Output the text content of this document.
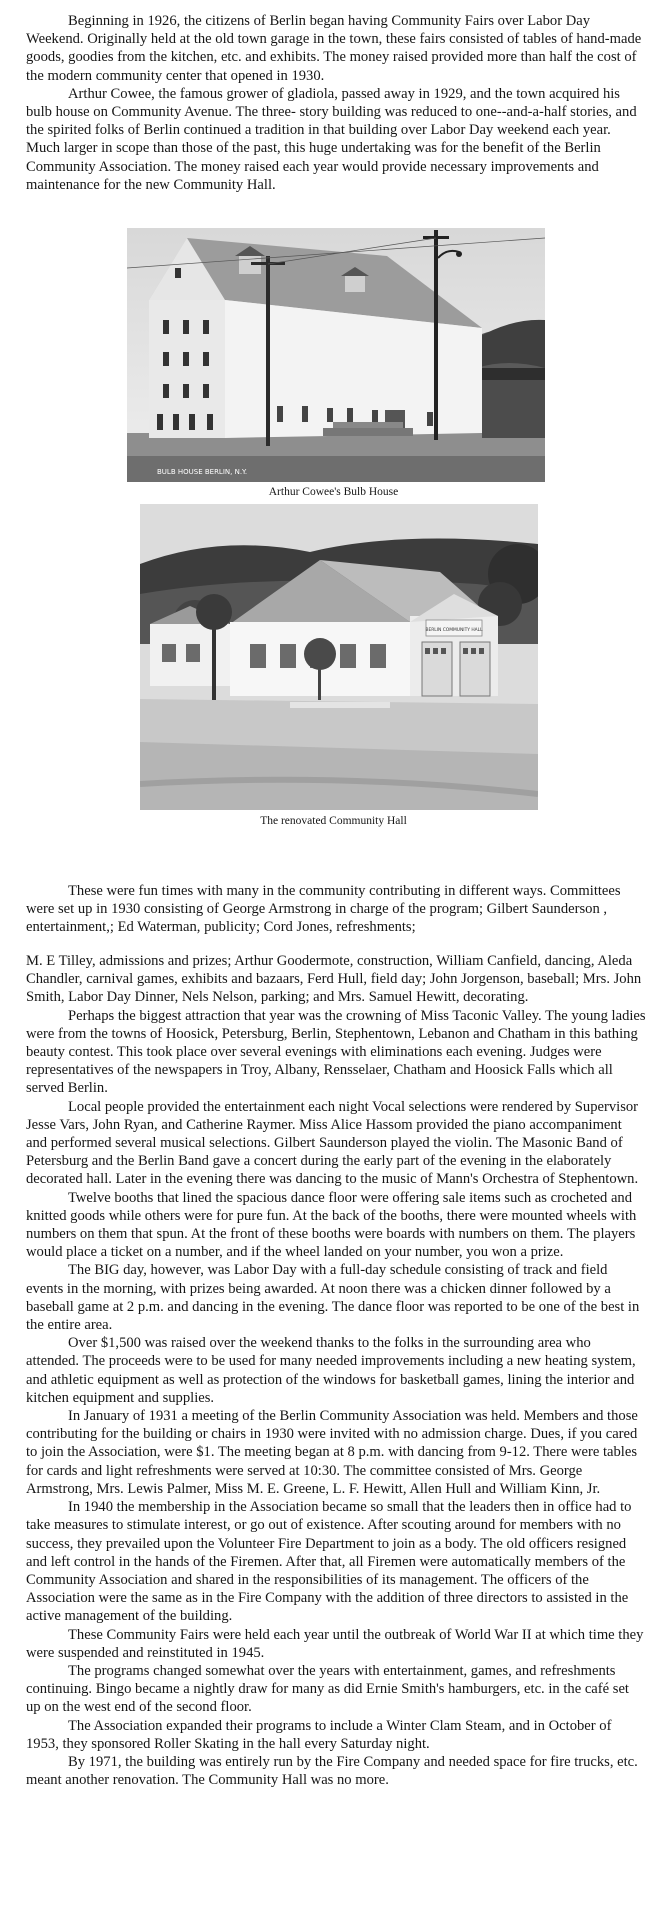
Beginning in 1926, the citizens of Berlin began having Community Fairs over Labor Day Weekend. Originally held at the old town garage in the town, these fairs consisted of tables of hand-made goods, goodies from the kitchen, etc. and exhibits. The money raised provided more than half the cost of the modern community center that opened in 1930.

Arthur Cowee, the famous grower of gladiola, passed away in 1929, and the town acquired his bulb house on Community Avenue. The three- story building was reduced to one--and-a-half stories, and the spirited folks of Berlin continued a tradition in that building over Labor Day weekend each year. Much larger in scope than those of the past, this huge undertaking was for the benefit of the Berlin Community Association. The money raised each year would provide necessary improvements and maintenance for the new Community Hall.

BULB HOUSE BERLIN, N.Y.
Arthur Cowee's Bulb House
BERLIN COMMUNITY HALL
The renovated Community Hall

These were fun times with many in the community contributing in different ways. Committees were set up in 1930 consisting of George Armstrong in charge of the program; Gilbert Saunderson , entertainment,; Ed Waterman, publicity; Cord Jones, refreshments;

M. E Tilley, admissions and prizes; Arthur Goodermote, construction, William Canfield, dancing, Aleda Chandler, carnival games, exhibits and bazaars, Ferd Hull, field day; John Jorgenson, baseball; Mrs. John Smith, Labor Day Dinner, Nels Nelson, parking; and Mrs. Samuel Hewitt, decorating.

Perhaps the biggest attraction that year was the crowning of Miss Taconic Valley. The young ladies were from the towns of Hoosick, Petersburg, Berlin, Stephentown, Lebanon and Chatham in this bathing beauty contest. This took place over several evenings with eliminations each evening. Judges were representatives of the newspapers in Troy, Albany, Rensselaer, Chatham and Hoosick Falls which all served Berlin.

Local people provided the entertainment each night Vocal selections were rendered by Supervisor Jesse Vars, John Ryan, and Catherine Raymer. Miss Alice Hassom provided the piano accompaniment and performed several musical selections. Gilbert Saunderson played the violin. The Masonic Band of Petersburg and the Berlin Band gave a concert during the early part of the evening in the elaborately decorated hall. Later in the evening there was dancing to the music of Mann's Orchestra of Stephentown.

Twelve booths that lined the spacious dance floor were offering sale items such as crocheted and knitted goods while others were for pure fun. At the back of the booths, there were mounted wheels with numbers on them that spun. At the front of these booths were boards with numbers on them. The players would place a ticket on a number, and if the wheel landed on your number, you won a prize.

The BIG day, however, was Labor Day with a full-day schedule consisting of track and field events in the morning, with prizes being awarded. At noon there was a chicken dinner followed by a baseball game at 2 p.m. and dancing in the evening. The dance floor was reported to be one of the best in the entire area.

Over $1,500 was raised over the weekend thanks to the folks in the surrounding area who attended. The proceeds were to be used for many needed improvements including a new heating system, and athletic equipment as well as protection of the windows for basketball games, lining the interior and kitchen equipment and supplies.

In January of 1931 a meeting of the Berlin Community Association was held. Members and those contributing for the building or chairs in 1930 were invited with no admission charge. Dues, if you cared to join the Association, were $1. The meeting began at 8 p.m. with dancing from 9-12. There were tables for cards and light refreshments were served at 10:30. The committee consisted of Mrs. George Armstrong, Mrs. Lewis Palmer, Miss M. E. Greene, L. F. Hewitt, Allen Hull and William Kinn, Jr.

In 1940 the membership in the Association became so small that the leaders then in office had to take measures to stimulate interest, or go out of existence. After scouting around for members with no success, they prevailed upon the Volunteer Fire Department to join as a body. The old officers resigned and left control in the hands of the Firemen. After that, all Firemen were automatically members of the Community Association and shared in the responsibilities of its management. The officers of the Association were the same as in the Fire Company with the addition of three directors to assisted in the active management of the building.

These Community Fairs were held each year until the outbreak of World War II at which time they were suspended and reinstituted in 1945.

The programs changed somewhat over the years with entertainment, games, and refreshments continuing. Bingo became a nightly draw for many as did Ernie Smith's hamburgers, etc. in the café set up on the west end of the second floor.

The Association expanded their programs to include a Winter Clam Steam, and in October of 1953, they sponsored Roller Skating in the hall every Saturday night.

By 1971, the building was entirely run by the Fire Company and needed space for fire trucks, etc. meant another renovation. The Community Hall was no more.
